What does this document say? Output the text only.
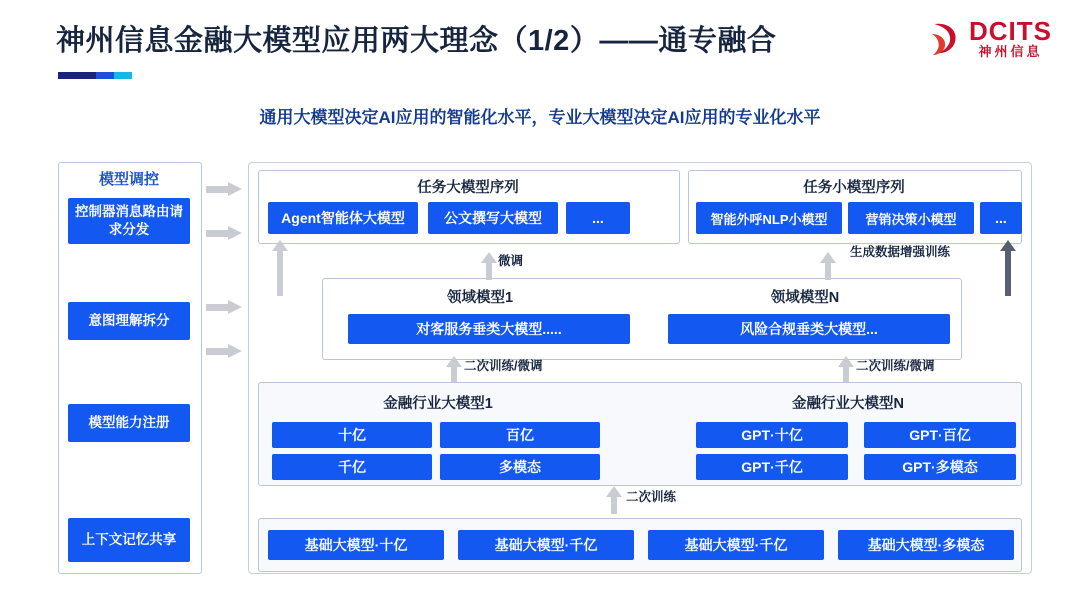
神州信息金融大模型应用两大理念（1/2）——通专融合	DCITS
神州信息
通用大模型决定AI应用的智能化水平，专业大模型决定AI应用的专业化水平
模型调控
控制器消息路由请求分发
意图理解拆分
模型能力注册
上下文记忆共享
任务大模型序列
Agent智能体大模型	公文撰写大模型	...
任务小模型序列
智能外呼NLP小模型	营销决策小模型	...
领域模型1
对客服务垂类大模型.....
领域模型N
风险合规垂类大模型...
金融行业大模型1
十亿	百亿
千亿	多模态
金融行业大模型N
GPT·十亿	GPT·百亿
GPT·千亿	GPT·多模态
基础大模型·十亿	基础大模型·千亿	基础大模型·千亿	基础大模型·多模态
微调
生成数据增强训练
二次训练/微调	二次训练/微调
二次训练
